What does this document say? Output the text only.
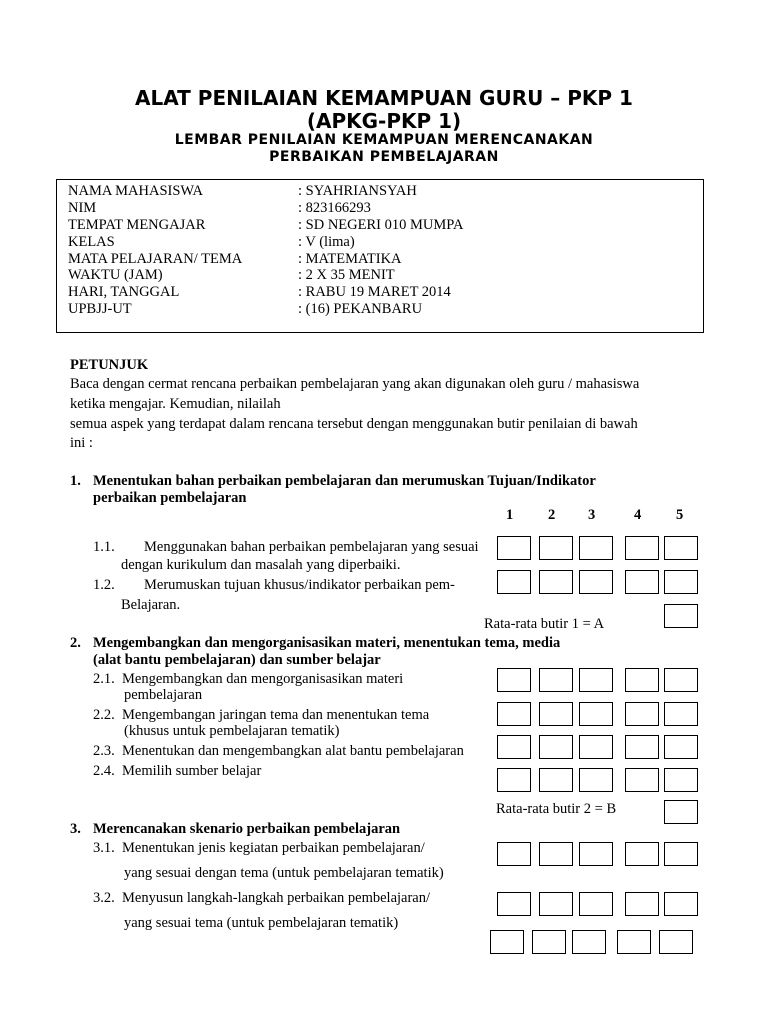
ALAT PENILAIAN KEMAMPUAN GURU – PKP 1
(APKG-PKP 1)
LEMBAR PENILAIAN KEMAMPUAN MERENCANAKAN
PERBAIKAN PEMBELAJARAN
NAMA MAHASISWA	: SYAHRIANSYAH
NIM	: 823166293
TEMPAT MENGAJAR	: SD NEGERI 010 MUMPA
KELAS	: V (lima)
MATA PELAJARAN/ TEMA	: MATEMATIKA
WAKTU (JAM)	: 2 X 35 MENIT
HARI, TANGGAL	: RABU 19 MARET 2014
UPBJJ-UT	: (16) PEKANBARU
PETUNJUK
Baca dengan cermat rencana perbaikan pembelajaran yang akan digunakan oleh guru / mahasiswa
ketika mengajar. Kemudian, nilailah
semua aspek yang terdapat dalam rencana tersebut dengan menggunakan butir penilaian di bawah
ini :
1. Menentukan bahan perbaikan pembelajaran dan merumuskan Tujuan/Indikator
perbaikan pembelajaran
1 2 3	4 5
1.1. Menggunakan bahan perbaikan pembelajaran yang sesuai
dengan kurikulum dan masalah yang diperbaiki.
1.2. Merumuskan tujuan khusus/indikator perbaikan pem-
Belajaran.
Rata-rata butir 1 = A
2. Mengembangkan dan mengorganisasikan materi, menentukan tema, media
(alat bantu pembelajaran) dan sumber belajar
2.1. Mengembangkan dan mengorganisasikan materi
pembelajaran
2.2. Mengembangan jaringan tema dan menentukan tema
(khusus untuk pembelajaran tematik)
2.3. Menentukan dan mengembangkan alat bantu pembelajaran
2.4. Memilih sumber belajar
Rata-rata butir 2 = B
3. Merencanakan skenario perbaikan pembelajaran
3.1. Menentukan jenis kegiatan perbaikan pembelajaran/
yang sesuai dengan tema (untuk pembelajaran tematik)
3.2. Menyusun langkah-langkah perbaikan pembelajaran/
yang sesuai tema (untuk pembelajaran tematik)
